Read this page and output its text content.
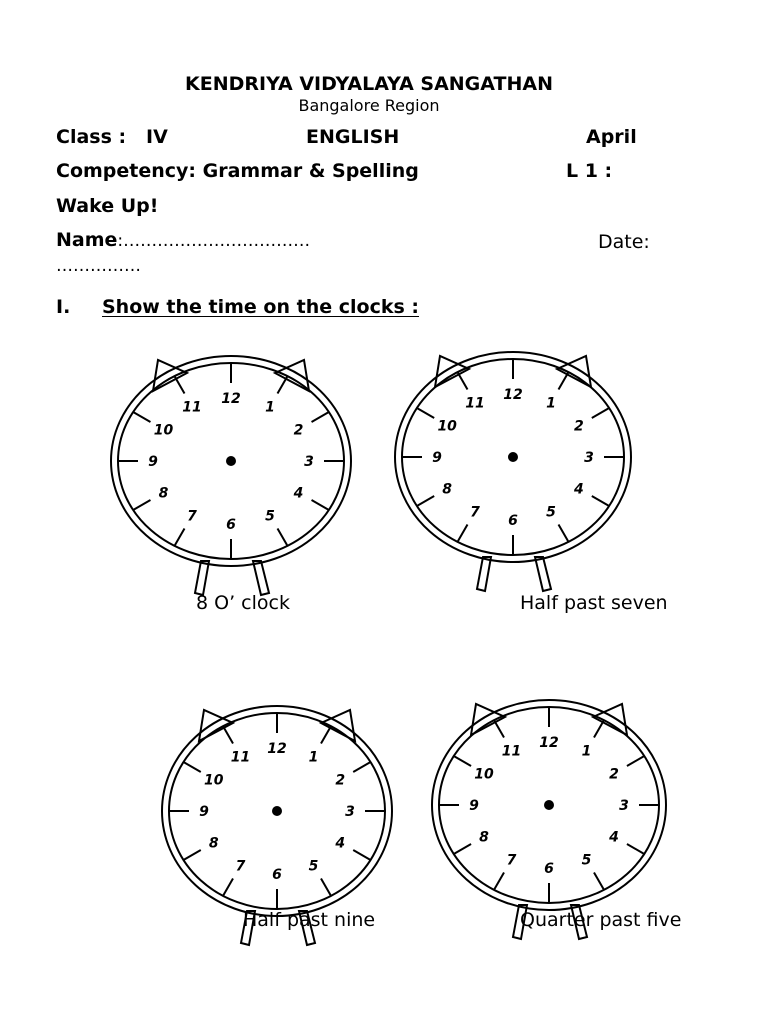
KENDRIYA VIDYALAYA SANGATHAN
Bangalore Region
Class : IV	ENGLISH	April
Competency: Grammar & Spelling	L 1 :
Wake Up!
Name:……………………………	Date:
……………
I. Show the time on the clocks :
12
1
2
3
4
5
6
7
8
9
10
11
12
1
2
3
4
5
6
7
8
9
10
11
12
1
2
3
4
5
6
7
8
9
10
11
12
1
2
3
4
5
6
7
8
9
10
11
8 O’ clock	Half past seven
Half past nine	Quarter past five
